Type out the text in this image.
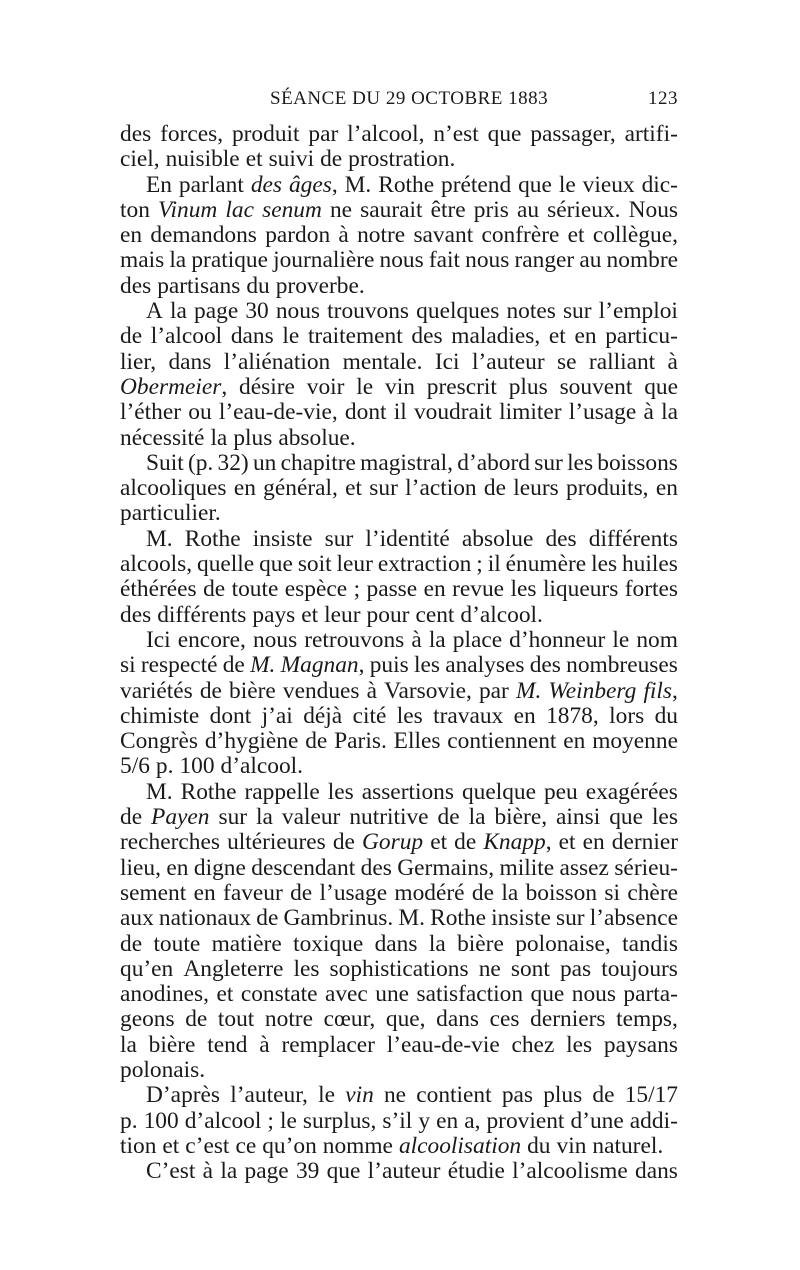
SÉANCE DU 29 OCTOBRE 1883	123
des forces, produit par l’alcool, n’est que passager, artifi-
ciel, nuisible et suivi de prostration.
En parlant des âges, M. Rothe prétend que le vieux dic-
ton Vinum lac senum ne saurait être pris au sérieux. Nous
en demandons pardon à notre savant confrère et collègue,
mais la pratique journalière nous fait nous ranger au nombre
des partisans du proverbe.
A la page 30 nous trouvons quelques notes sur l’emploi
de l’alcool dans le traitement des maladies, et en particu-
lier, dans l’aliénation mentale. Ici l’auteur se ralliant à
Obermeier, désire voir le vin prescrit plus souvent que
l’éther ou l’eau-de-vie, dont il voudrait limiter l’usage à la
nécessité la plus absolue.
Suit (p. 32) un chapitre magistral, d’abord sur les boissons
alcooliques en général, et sur l’action de leurs produits, en
particulier.
M. Rothe insiste sur l’identité absolue des différents
alcools, quelle que soit leur extraction ; il énumère les huiles
éthérées de toute espèce ; passe en revue les liqueurs fortes
des différents pays et leur pour cent d’alcool.
Ici encore, nous retrouvons à la place d’honneur le nom
si respecté de M. Magnan, puis les analyses des nombreuses
variétés de bière vendues à Varsovie, par M. Weinberg fils,
chimiste dont j’ai déjà cité les travaux en 1878, lors du
Congrès d’hygiène de Paris. Elles contiennent en moyenne
5/6 p. 100 d’alcool.
M. Rothe rappelle les assertions quelque peu exagérées
de Payen sur la valeur nutritive de la bière, ainsi que les
recherches ultérieures de Gorup et de Knapp, et en dernier
lieu, en digne descendant des Germains, milite assez sérieu-
sement en faveur de l’usage modéré de la boisson si chère
aux nationaux de Gambrinus. M. Rothe insiste sur l’absence
de toute matière toxique dans la bière polonaise, tandis
qu’en Angleterre les sophistications ne sont pas toujours
anodines, et constate avec une satisfaction que nous parta-
geons de tout notre cœur, que, dans ces derniers temps,
la bière tend à remplacer l’eau-de-vie chez les paysans
polonais.
D’après l’auteur, le vin ne contient pas plus de 15/17
p. 100 d’alcool ; le surplus, s’il y en a, provient d’une addi-
tion et c’est ce qu’on nomme alcoolisation du vin naturel.
C’est à la page 39 que l’auteur étudie l’alcoolisme dans
